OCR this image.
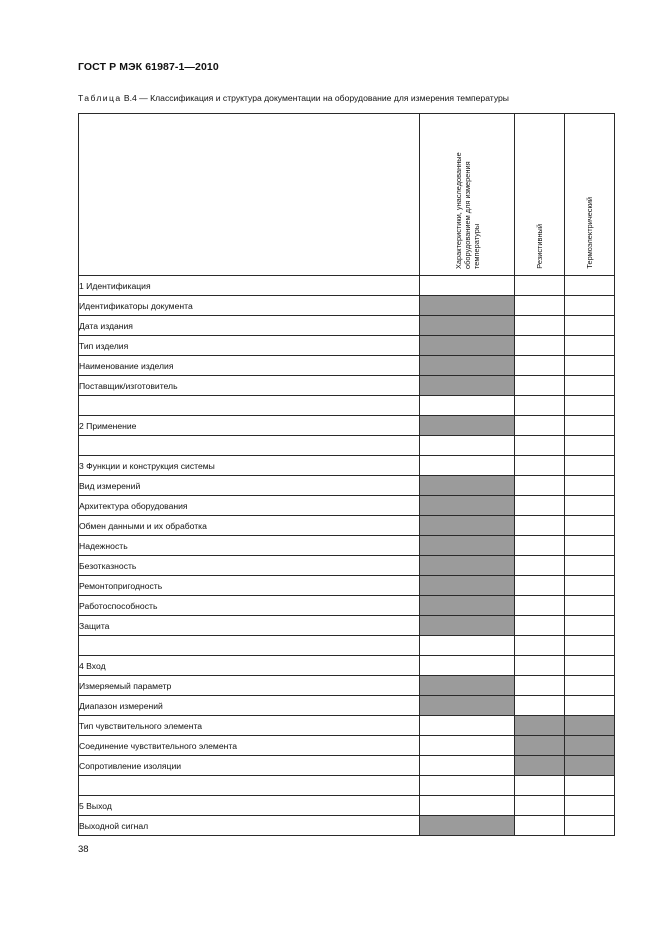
ГОСТ Р МЭК 61987-1—2010
Таблица В.4 — Классификация и структура документации на оборудование для измерения температуры

	Характеристики, унаследованные оборудованием для измерения температуры	Резистивный	Термоэлектрический

1 Идентификация			
Идентификаторы документа			
Дата издания			
Тип изделия			
Наименование изделия			
Поставщик/изготовитель			

2 Применение			

3 Функции и конструкция системы			
Вид измерений			
Архитектура оборудования			
Обмен данными и их обработка			
Надежность			
Безотказность			
Ремонтопригодность			
Работоспособность			
Защита			

4 Вход			
Измеряемый параметр			
Диапазон измерений			
Тип чувствительного элемента			
Соединение чувствительного элемента			
Сопротивление изоляции			

5 Выход			
Выходной сигнал			
38
